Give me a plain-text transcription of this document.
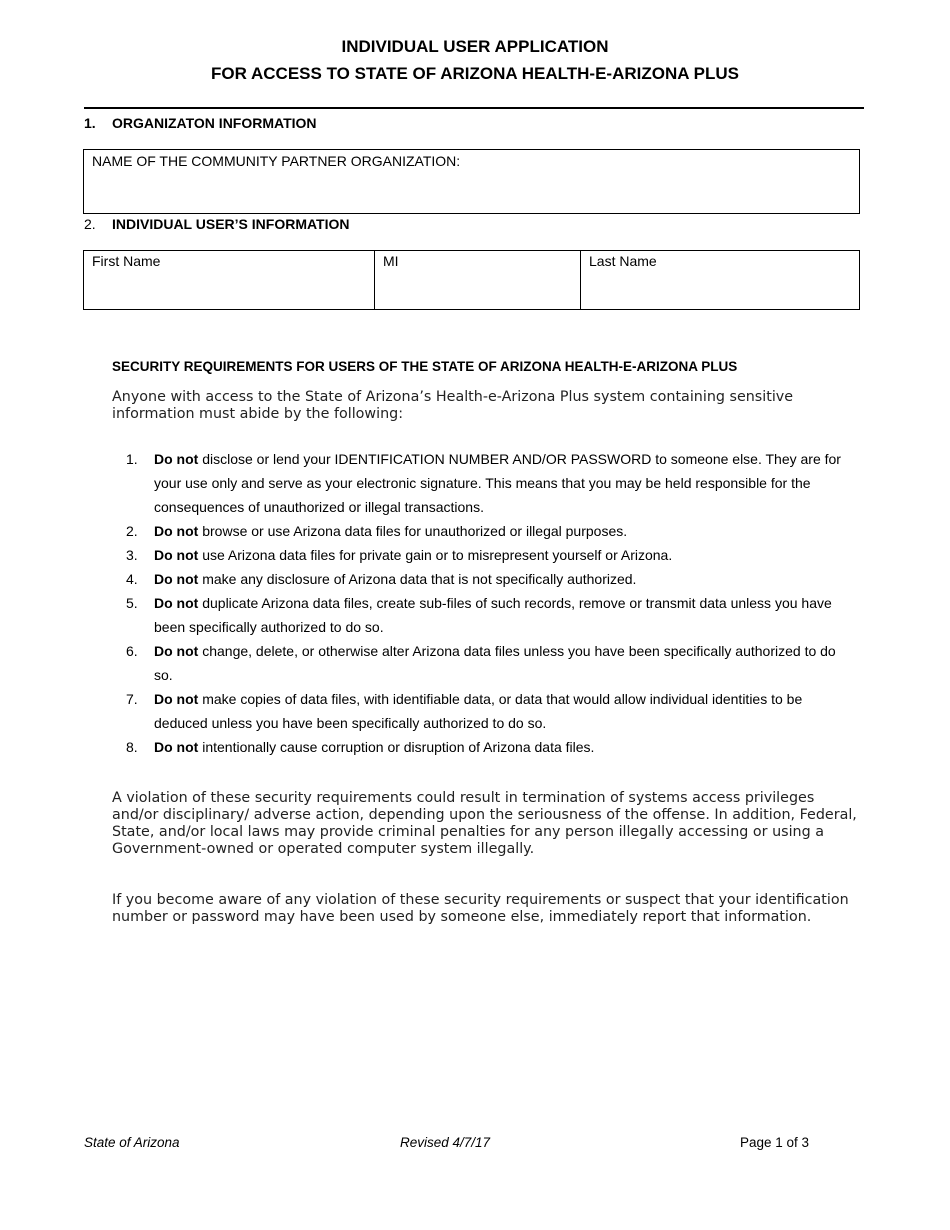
INDIVIDUAL USER APPLICATION
FOR ACCESS TO STATE OF ARIZONA HEALTH-E-ARIZONA PLUS
1. ORGANIZATON INFORMATION
NAME OF THE COMMUNITY PARTNER ORGANIZATION:
2. INDIVIDUAL USER’S INFORMATION
First Name	MI	Last Name
SECURITY REQUIREMENTS FOR USERS OF THE STATE OF ARIZONA HEALTH-E-ARIZONA PLUS
Anyone with access to the State of Arizona’s Health-e-Arizona Plus system containing sensitive information must abide by the following:
1. Do not disclose or lend your IDENTIFICATION NUMBER AND/OR PASSWORD to someone else. They are for your use only and serve as your electronic signature. This means that you may be held responsible for the consequences of unauthorized or illegal transactions.
2. Do not browse or use Arizona data files for unauthorized or illegal purposes.
3. Do not use Arizona data files for private gain or to misrepresent yourself or Arizona.
4. Do not make any disclosure of Arizona data that is not specifically authorized.
5. Do not duplicate Arizona data files, create sub-files of such records, remove or transmit data unless you have been specifically authorized to do so.
6. Do not change, delete, or otherwise alter Arizona data files unless you have been specifically authorized to do so.
7. Do not make copies of data files, with identifiable data, or data that would allow individual identities to be deduced unless you have been specifically authorized to do so.
8. Do not intentionally cause corruption or disruption of Arizona data files.
A violation of these security requirements could result in termination of systems access privileges and/or disciplinary/ adverse action, depending upon the seriousness of the offense. In addition, Federal, State, and/or local laws may provide criminal penalties for any person illegally accessing or using a Government-owned or operated computer system illegally.
If you become aware of any violation of these security requirements or suspect that your identification number or password may have been used by someone else, immediately report that information.
State of Arizona	Revised 4/7/17	Page 1 of 3
